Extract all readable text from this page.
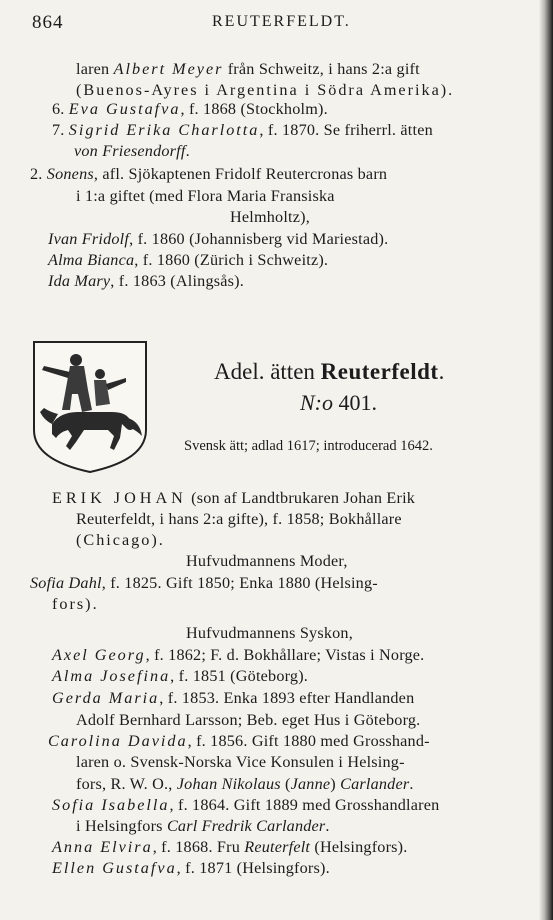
864	REUTERFELDT.
laren Albert Meyer från Schweitz, i hans 2:a gift
(Buenos-Ayres i Argentina i Södra Amerika).
6. Eva Gustafva, f. 1868 (Stockholm).
7. Sigrid Erika Charlotta, f. 1870. Se friherrl. ätten
von Friesendorff.
2. Sonens, afl. Sjökaptenen Fridolf Reutercronas barn
i 1:a giftet (med Flora Maria Fransiska
Helmholtz),
Ivan Fridolf, f. 1860 (Johannisberg vid Mariestad).
Alma Bianca, f. 1860 (Zürich i Schweitz).
Ida Mary, f. 1863 (Alingsås).
Adel. ätten Reuterfeldt.
N:o 401.
Svensk ätt; adlad 1617; introducerad 1642.
ERIK JOHAN (son af Landtbrukaren Johan Erik
Reuterfeldt, i hans 2:a gifte), f. 1858; Bokhållare
(Chicago).
Hufvudmannens Moder,
Sofia Dahl, f. 1825. Gift 1850; Enka 1880 (Helsing-
fors).
Hufvudmannens Syskon,
Axel Georg, f. 1862; F. d. Bokhållare; Vistas i Norge.
Alma Josefina, f. 1851 (Göteborg).
Gerda Maria, f. 1853. Enka 1893 efter Handlanden
Adolf Bernhard Larsson; Beb. eget Hus i Göteborg.
Carolina Davida, f. 1856. Gift 1880 med Grosshand-
laren o. Svensk-Norska Vice Konsulen i Helsing-
fors, R. W. O., Johan Nikolaus (Janne) Carlander.
Sofia Isabella, f. 1864. Gift 1889 med Grosshandlaren
i Helsingfors Carl Fredrik Carlander.
Anna Elvira, f. 1868. Fru Reuterfelt (Helsingfors).
Ellen Gustafva, f. 1871 (Helsingfors).
